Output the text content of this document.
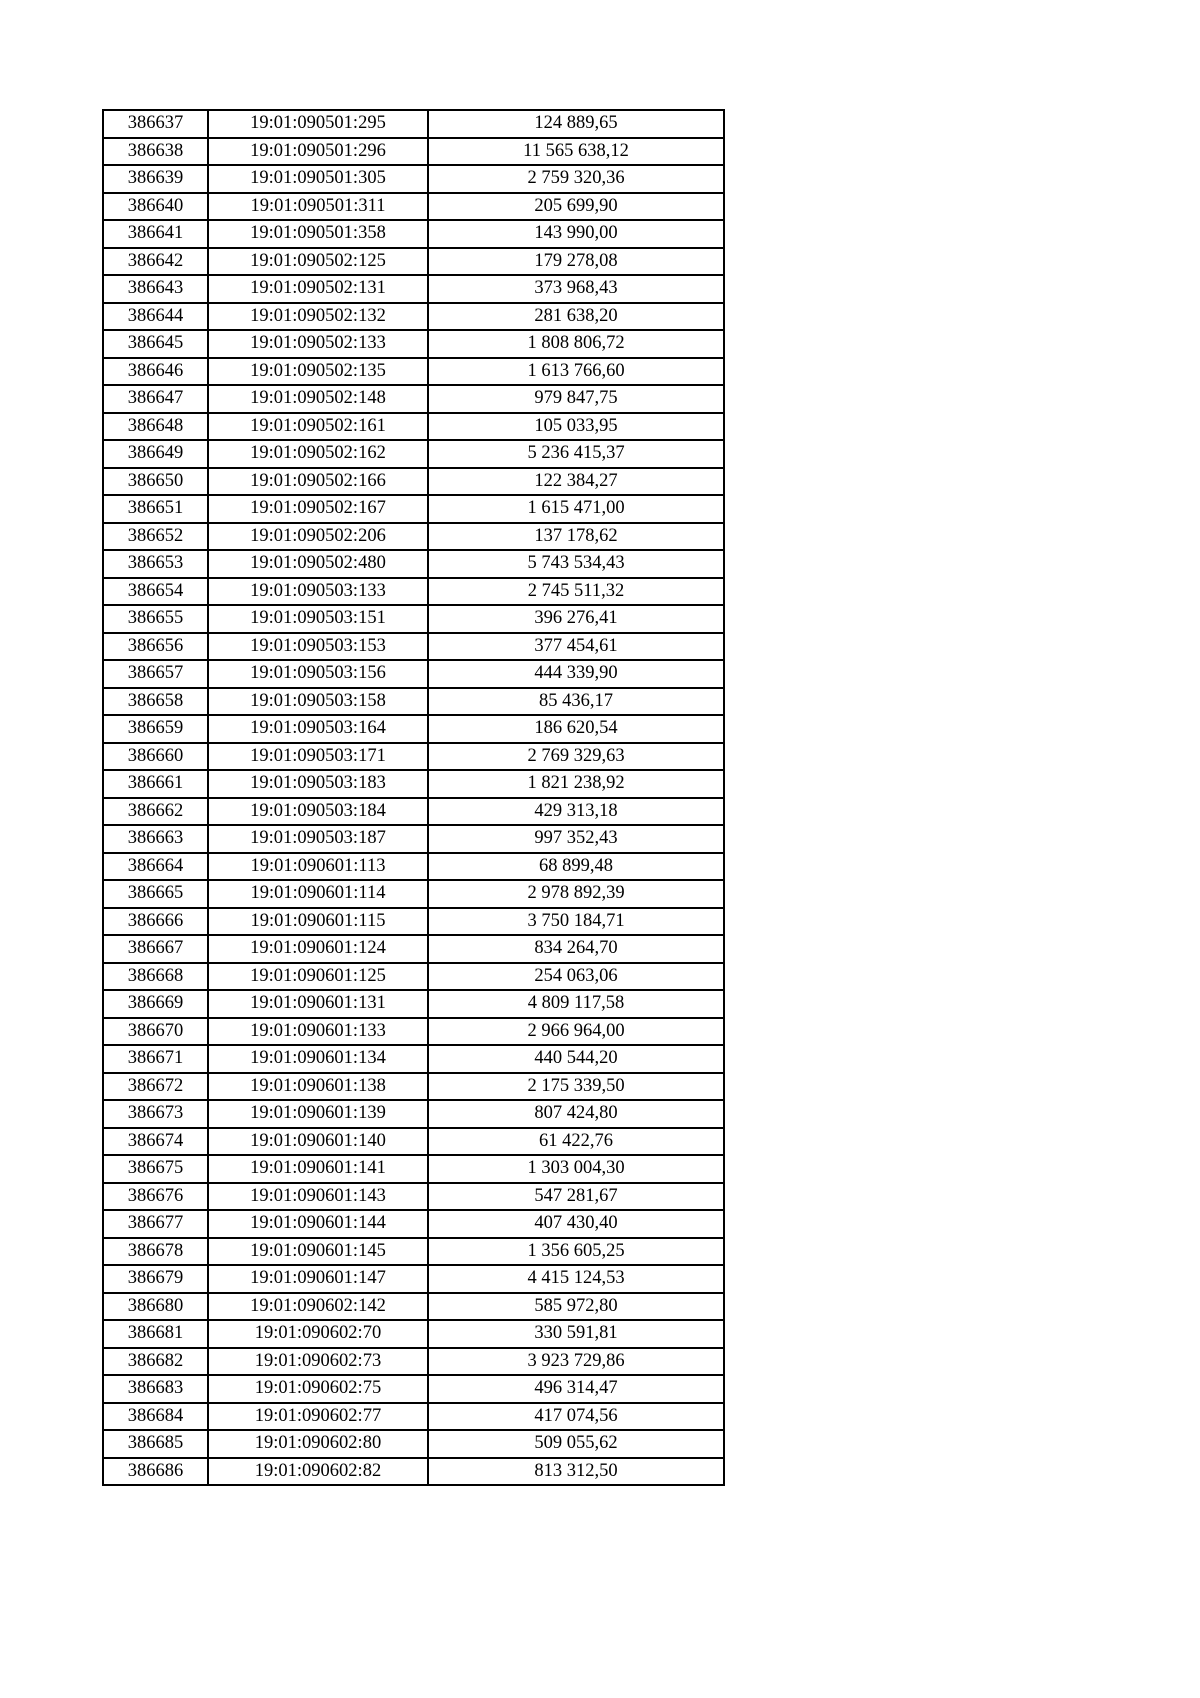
386637	19:01:090501:295	124 889,65
386638	19:01:090501:296	11 565 638,12
386639	19:01:090501:305	2 759 320,36
386640	19:01:090501:311	205 699,90
386641	19:01:090501:358	143 990,00
386642	19:01:090502:125	179 278,08
386643	19:01:090502:131	373 968,43
386644	19:01:090502:132	281 638,20
386645	19:01:090502:133	1 808 806,72
386646	19:01:090502:135	1 613 766,60
386647	19:01:090502:148	979 847,75
386648	19:01:090502:161	105 033,95
386649	19:01:090502:162	5 236 415,37
386650	19:01:090502:166	122 384,27
386651	19:01:090502:167	1 615 471,00
386652	19:01:090502:206	137 178,62
386653	19:01:090502:480	5 743 534,43
386654	19:01:090503:133	2 745 511,32
386655	19:01:090503:151	396 276,41
386656	19:01:090503:153	377 454,61
386657	19:01:090503:156	444 339,90
386658	19:01:090503:158	85 436,17
386659	19:01:090503:164	186 620,54
386660	19:01:090503:171	2 769 329,63
386661	19:01:090503:183	1 821 238,92
386662	19:01:090503:184	429 313,18
386663	19:01:090503:187	997 352,43
386664	19:01:090601:113	68 899,48
386665	19:01:090601:114	2 978 892,39
386666	19:01:090601:115	3 750 184,71
386667	19:01:090601:124	834 264,70
386668	19:01:090601:125	254 063,06
386669	19:01:090601:131	4 809 117,58
386670	19:01:090601:133	2 966 964,00
386671	19:01:090601:134	440 544,20
386672	19:01:090601:138	2 175 339,50
386673	19:01:090601:139	807 424,80
386674	19:01:090601:140	61 422,76
386675	19:01:090601:141	1 303 004,30
386676	19:01:090601:143	547 281,67
386677	19:01:090601:144	407 430,40
386678	19:01:090601:145	1 356 605,25
386679	19:01:090601:147	4 415 124,53
386680	19:01:090602:142	585 972,80
386681	19:01:090602:70	330 591,81
386682	19:01:090602:73	3 923 729,86
386683	19:01:090602:75	496 314,47
386684	19:01:090602:77	417 074,56
386685	19:01:090602:80	509 055,62
386686	19:01:090602:82	813 312,50
